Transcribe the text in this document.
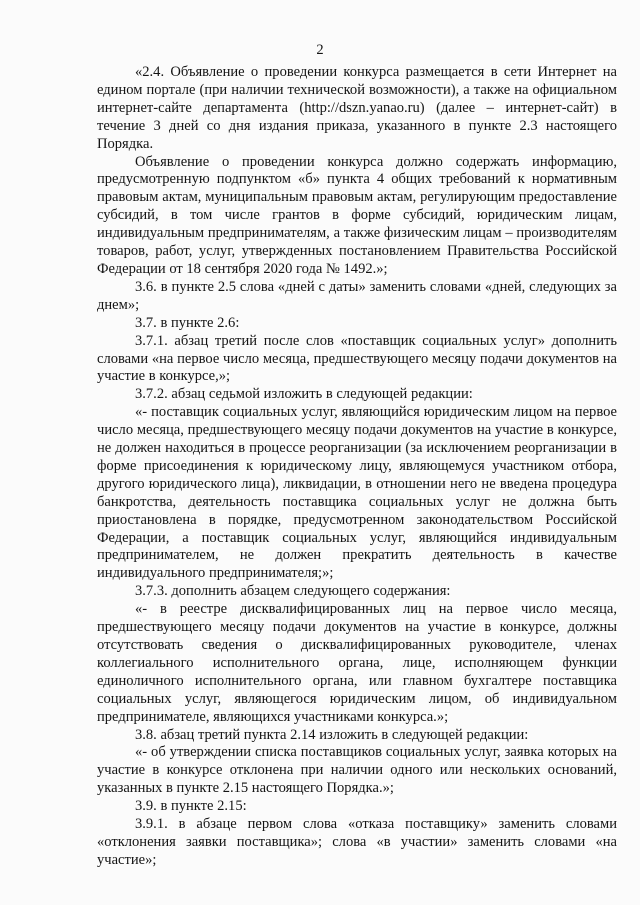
2

«2.4. Объявление о проведении конкурса размещается в сети Интернет на едином портале (при наличии технической возможности), а также на официальном интернет-сайте департамента (http://dszn.yanao.ru) (далее – интернет-сайт) в течение 3 дней со дня издания приказа, указанного в пункте 2.3 настоящего Порядка.

Объявление о проведении конкурса должно содержать информацию, предусмотренную подпунктом «б» пункта 4 общих требований к нормативным правовым актам, муниципальным правовым актам, регулирующим предоставление субсидий, в том числе грантов в форме субсидий, юридическим лицам, индивидуальным предпринимателям, а также физическим лицам – производителям товаров, работ, услуг, утвержденных постановлением Правительства Российской Федерации от 18 сентября 2020 года № 1492.»;

3.6. в пункте 2.5 слова «дней с даты» заменить словами «дней, следующих за днем»;

3.7. в пункте 2.6:

3.7.1. абзац третий после слов «поставщик социальных услуг» дополнить словами «на первое число месяца, предшествующего месяцу подачи документов на участие в конкурсе,»;

3.7.2. абзац седьмой изложить в следующей редакции:

«- поставщик социальных услуг, являющийся юридическим лицом на первое число месяца, предшествующего месяцу подачи документов на участие в конкурсе, не должен находиться в процессе реорганизации (за исключением реорганизации в форме присоединения к юридическому лицу, являющемуся участником отбора, другого юридического лица), ликвидации, в отношении него не введена процедура банкротства, деятельность поставщика социальных услуг не должна быть приостановлена в порядке, предусмотренном законодательством Российской Федерации, а поставщик социальных услуг, являющийся индивидуальным предпринимателем, не должен прекратить деятельность в качестве индивидуального предпринимателя;»;

3.7.3. дополнить абзацем следующего содержания:

«- в реестре дисквалифицированных лиц на первое число месяца, предшествующего месяцу подачи документов на участие в конкурсе, должны отсутствовать сведения о дисквалифицированных руководителе, членах коллегиального исполнительного органа, лице, исполняющем функции единоличного исполнительного органа, или главном бухгалтере поставщика социальных услуг, являющегося юридическим лицом, об индивидуальном предпринимателе, являющихся участниками конкурса.»;

3.8. абзац третий пункта 2.14 изложить в следующей редакции:

«- об утверждении списка поставщиков социальных услуг, заявка которых на участие в конкурсе отклонена при наличии одного или нескольких оснований, указанных в пункте 2.15 настоящего Порядка.»;

3.9. в пункте 2.15:

3.9.1. в абзаце первом слова «отказа поставщику» заменить словами «отклонения заявки поставщика»; слова «в участии» заменить словами «на участие»;
